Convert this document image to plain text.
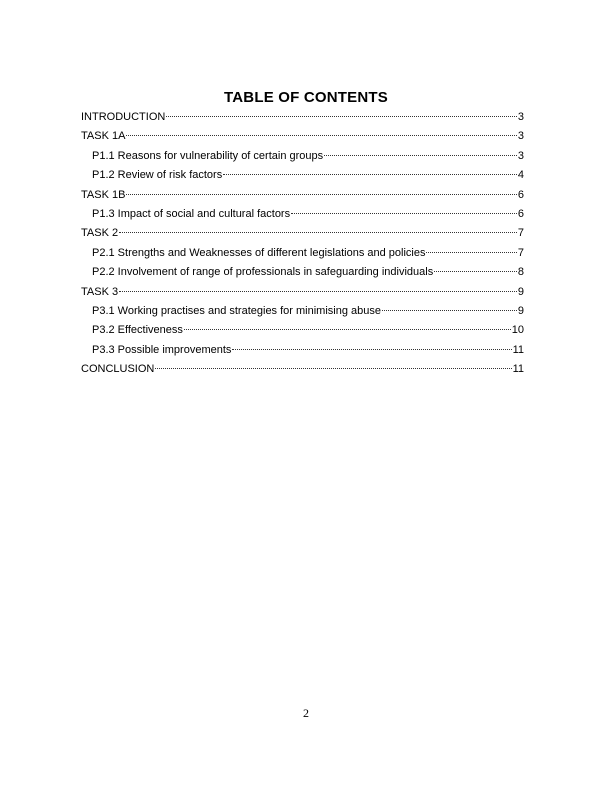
TABLE OF CONTENTS
INTRODUCTION	3
TASK 1A	3
P1.1 Reasons for vulnerability of certain groups	3
P1.2 Review of risk factors	4
TASK 1B	6
P1.3 Impact of social and cultural factors	6
TASK 2	7
P2.1 Strengths and Weaknesses of different legislations and policies	7
P2.2 Involvement of range of professionals in safeguarding individuals	8
TASK 3	9
P3.1 Working practises and strategies for minimising abuse	9
P3.2 Effectiveness	10
P3.3 Possible improvements	11
CONCLUSION	11
2
